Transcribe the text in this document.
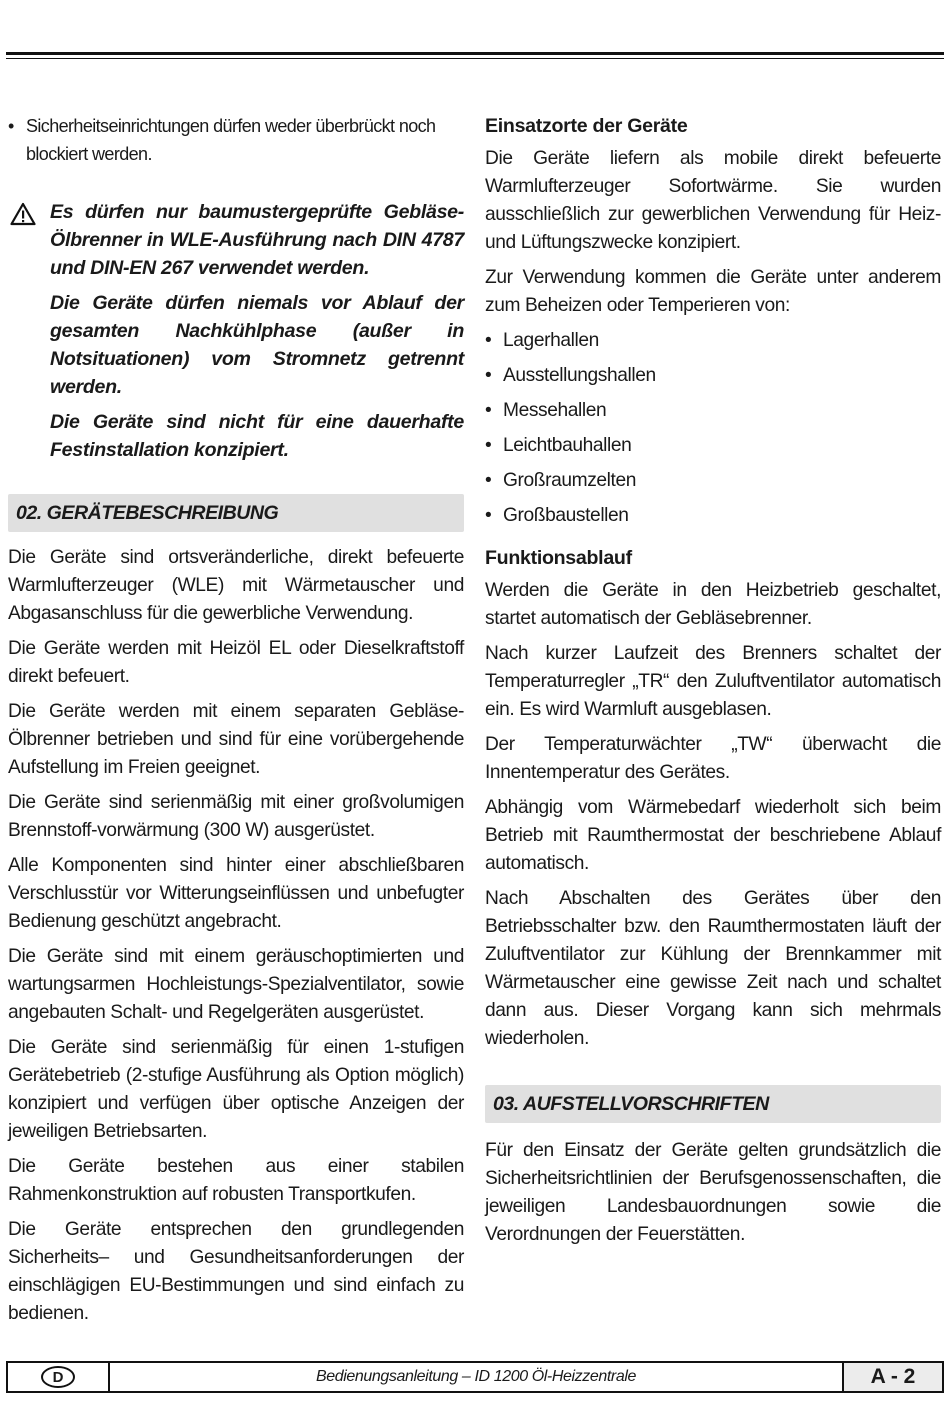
• Sicherheitseinrichtungen dürfen weder überbrückt noch blockiert werden.

Es dürfen nur baumustergeprüfte Gebläse-Ölbrenner in WLE-Ausführung nach DIN 4787 und DIN-EN 267 verwendet werden.

Die Geräte dürfen niemals vor Ablauf der gesamten Nachkühlphase (außer in Notsituationen) vom Stromnetz getrennt werden.

Die Geräte sind nicht für eine dauerhafte Festinstallation konzipiert.

02. GERÄTEBESCHREIBUNG

Die Geräte sind ortsveränderliche, direkt befeuerte Warmlufterzeuger (WLE) mit Wärmetauscher und Abgasanschluss für die gewerbliche Verwendung.

Die Geräte werden mit Heizöl EL oder Dieselkraftstoff direkt befeuert.

Die Geräte werden mit einem separaten Gebläse-Ölbrenner betrieben und sind für eine vorübergehende Aufstellung im Freien geeignet.

Die Geräte sind serienmäßig mit einer großvolumigen Brennstoff-vorwärmung (300 W) ausgerüstet.

Alle Komponenten sind hinter einer abschließbaren Verschlusstür vor Witterungseinflüssen und unbefugter Bedienung geschützt angebracht.

Die Geräte sind mit einem geräuschoptimierten und wartungsarmen Hochleistungs-Spezialventilator, sowie angebauten Schalt- und Regelgeräten ausgerüstet.

Die Geräte sind serienmäßig für einen 1-stufigen Gerätebetrieb (2-stufige Ausführung als Option möglich) konzipiert und verfügen über optische Anzeigen der jeweiligen Betriebsarten.

Die Geräte bestehen aus einer stabilen Rahmenkonstruktion auf robusten Transportkufen.

Die Geräte entsprechen den grundlegenden Sicherheits– und Gesundheitsanforderungen der einschlägigen EU-Bestimmungen und sind einfach zu bedienen.

Einsatzorte der Geräte

Die Geräte liefern als mobile direkt befeuerte Warmlufterzeuger Sofortwärme. Sie wurden ausschließlich zur gewerblichen Verwendung für Heiz- und Lüftungszwecke konzipiert.

Zur Verwendung kommen die Geräte unter anderem zum Beheizen oder Temperieren von:

• Lagerhallen
• Ausstellungshallen
• Messehallen
• Leichtbauhallen
• Großraumzelten
• Großbaustellen
Funktionsablauf

Werden die Geräte in den Heizbetrieb geschaltet, startet automatisch der Gebläsebrenner.

Nach kurzer Laufzeit des Brenners schaltet der Temperaturregler „TR“ den Zuluftventilator automatisch ein. Es wird Warmluft ausgeblasen.

Der Temperaturwächter „TW“ überwacht die Innentemperatur des Gerätes.

Abhängig vom Wärmebedarf wiederholt sich beim Betrieb mit Raumthermostat der beschriebene Ablauf automatisch.

Nach Abschalten des Gerätes über den Betriebsschalter bzw. den Raumthermostaten läuft der Zuluftventilator zur Kühlung der Brennkammer mit Wärmetauscher eine gewisse Zeit nach und schaltet dann aus. Dieser Vorgang kann sich mehrmals wiederholen.

03. AUFSTELLVORSCHRIFTEN

Für den Einsatz der Geräte gelten grundsätzlich die Sicherheitsrichtlinien der Berufsgenossenschaften, die jeweiligen Landesbauordnungen sowie die Verordnungen der Feuerstätten.

D	Bedienungsanleitung – ID 1200 Öl-Heizzentrale	A - 2
